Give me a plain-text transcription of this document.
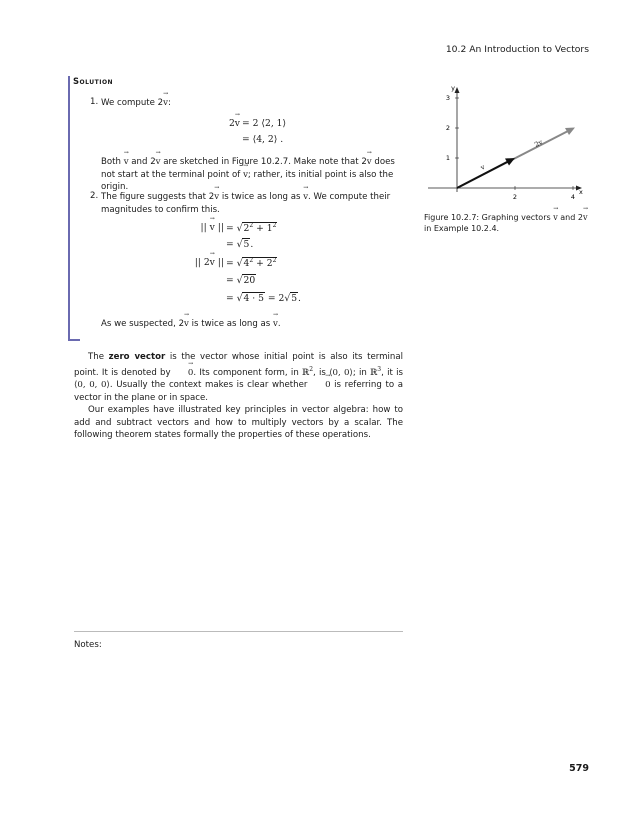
10.2 An Introduction to Vectors
Solution
1. We compute 2v →:
2v → = 2 ⟨2, 1⟩
= ⟨4, 2⟩ .
Both v → and 2v → are sketched in Figure 10.2.7. Make note that 2v → does not start at the terminal point of v →; rather, its initial point is also the origin.
2. The figure suggests that 2v → is twice as long as v →. We compute their magnitudes to confirm this.
|| v → || = $√2^2 + 1^2$
= √5.
|| 2v → || = $√4^2 + 2^2$
= √20
= √4 · 5 = 2√5.
As we suspected, 2v → is twice as long as v →.

The zero vector is the vector whose initial point is also its terminal point. It is denoted by 0 →. Its component form, in ℝ$^2$, is ⟨0, 0⟩; in ℝ$^3$, it is ⟨0, 0, 0⟩. Usually the context makes is clear whether 0 → is referring to a vector in the plane or in space.

Our examples have illustrated key principles in vector algebra: how to add and subtract vectors and how to multiply vectors by a scalar. The following theorem states formally the properties of these operations.

2	4
1
2
3
x
y
v
2v
Figure 10.2.7: Graphing vectors v → and 2v → in Example 10.2.4.
Notes:
579
